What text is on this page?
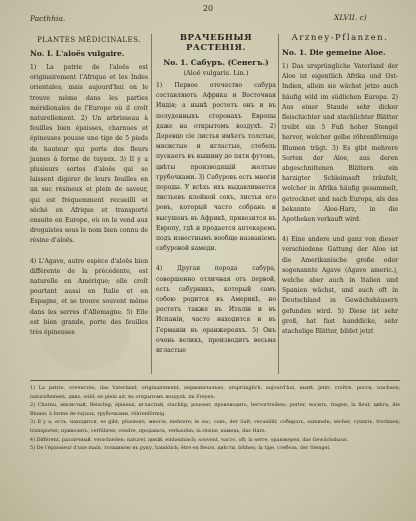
20
Pacthhia.	XLVII. c)
PLANTES MÉDICINALES.
No. I. L'aloës vulgaire.

1) La patrie de l'aloës est originairement l'Afrique et les Indes orientales; mais aujourd'hui on le trouve même dans les parties méridionales de l'Europe où il croît naturellement. 2) Un arbrisseau à feuilles bien épaisses, charnues et épineuses pousse une tige de 5 pieds de hauteur qui porte des fleurs jaunes à forme de tuyaux. 3) Il y a plusieurs sortes d'aloës qui se laissent digérer de leurs feuilles en un suc résineux et plein de saveur, qui est fréquemment recueilli et séché en Afrique et transporté ensuite en Europe, où on le vend aux droguistes sous le nom bien connu de résine d'aloës.

4) L'Agave, autre espèce d'aloës bien différente de la précédente, est naturelle en Amérique; elle croît pourtant aussi en Italie et en Espagne, et se trouve souvent même dans les serres d'Allemagne. 5) Elle est bien grande, porte des feuilles très épineuses

ВРАЧЕБНЫЯ РАСТЕНІЯ.
No. 1. Сабуръ. (Сенегъ.)
(Aloë vulgaris. Lin.)

1) Первое отечество сабура составляютъ Африка и Восточная Индія; а нынѣ ростетъ онъ и въ полуденныхъ сторонахъ Европы даже на открытомъ воздухѣ. 2) Деревцо сіе листья имѣетъ толстые, мясистые и игластые, стебель пускаетъ въ вышину до пяти футовъ, цвѣты производящій желтые трубочками. 3) Сабуровъ есть многія породы. У всѣхъ ихъ выдавливается листьевъ клейкой сокъ, листья его ровъ, который часто собранъ и высушенъ въ Африкѣ, привозится въ Европу, гдѣ и продается аптекаремъ подъ известнымъ вообще названіемъ сабуровой камеди.

4) Другая порода сабура, совершенно отличная отъ первой, есть сабурникъ, который самъ собою родится въ Америкѣ, но ростетъ также въ Италіи и въ Испаніи, часто находится и въ Германіи въ оранжереяхъ. 5) Онъ очень великъ, производитъ весьма игластые

Arzney-Pflanzen.
No. 1. Die gemeine Aloe.

1) Das ursprüngliche Vaterland der Aloe ist eigentlich Afrika und Ost-Indien, allein sie wächst jetzo auch häufig wild im südlichen Europa. 2) Aus einer Staude sehr dicker fleischichter und stachlichter Blätter treibt ein 5 Fuß hoher Stengel hervor, welcher gelbe röhrenförmige Blumen trägt. 3) Es gibt mehrere Sorten der Aloe, aus deren abgeschnittenen Blättern ein harzigter Schleimsaft träufelt, welcher in Afrika häufig gesammelt, getrocknet und nach Europa, als das bekannte Aloe-Harz, in die Apotheken verkauft wird.

4) Eine andere und ganz von dieser verschiedene Gattung der Aloe ist die Amerikanische große oder sogenannte Agave (Agave americ.), welche aber auch in Italien und Spanien wächst, und auch oft in Deutschland in Gewächshäusern gefunden wird. 5) Diese ist sehr groß, hat fast handdicke, sehr stachelige Blätter, bildet jetzt

1) La patrie, отечество, das Vaterland; originairement, первоначально, ursprünglich; aujourd'hui, нынѣ, jetzt; croître, рости, wachsen; naturellement, дико, wild; en plein air, въ открытомъ воздухѣ, im Freyen.

2) Charnu, мясистый, fleischig; épineux, игластый, stachlig; pousser, производить, hervortreiben; porter, носить, tragen; la fleur, цвѣтъ, die Blume; à forme de tuyaux, трубочками, röhrenförmig.

3) Il y a, есть, находится, es gibt; plusieurs, многіе, mehrere; le suc, сокъ, der Saft; recueillir, собирать, sammeln; sécher, сушить, trocknen; transporter, привозить, verführen; vendre, продавать, verkaufen; la résine, камедь, das Harz.

4) Différent, различный, verschieden; naturel, дикій, einheimisch; souvent, часто, oft; la serre, оранжерея, das Gewächshaus.

5) De l'épaisseur d'une main, толщиною въ руку, handdick; être en fleurs, цвѣсти, blühen; la tige, стебель, der Stengel.
